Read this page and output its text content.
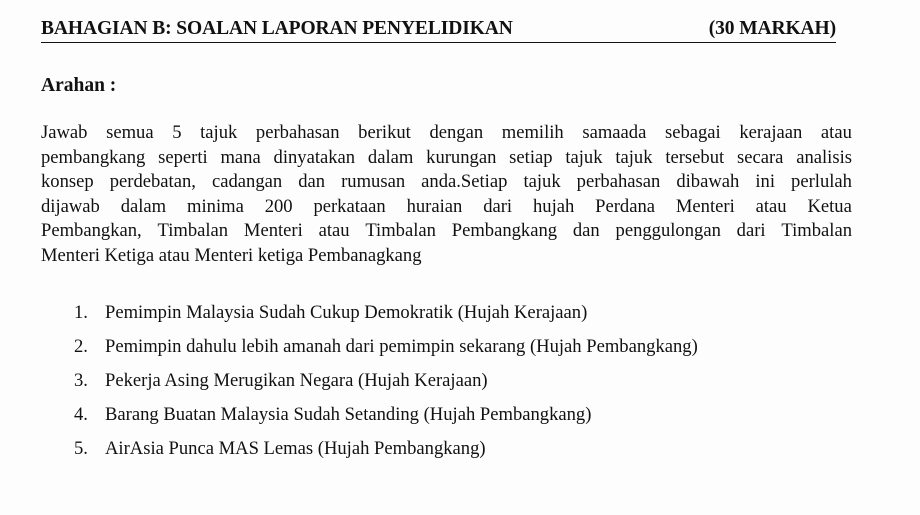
BAHAGIAN B: SOALAN LAPORAN PENYELIDIKAN	(30 MARKAH)
Arahan :
Jawab semua 5 tajuk perbahasan berikut dengan memilih samaada sebagai kerajaan atau
pembangkang seperti mana dinyatakan dalam kurungan setiap tajuk tajuk tersebut secara analisis
konsep perdebatan, cadangan dan rumusan anda.Setiap tajuk perbahasan dibawah ini perlulah
dijawab dalam minima 200 perkataan huraian dari hujah Perdana Menteri atau Ketua
Pembangkan, Timbalan Menteri atau Timbalan Pembangkang dan penggulongan dari Timbalan
Menteri Ketiga atau Menteri ketiga Pembanagkang
1. Pemimpin Malaysia Sudah Cukup Demokratik (Hujah Kerajaan)
2. Pemimpin dahulu lebih amanah dari pemimpin sekarang (Hujah Pembangkang)
3. Pekerja Asing Merugikan Negara (Hujah Kerajaan)
4. Barang Buatan Malaysia Sudah Setanding (Hujah Pembangkang)
5. AirAsia Punca MAS Lemas (Hujah Pembangkang)
